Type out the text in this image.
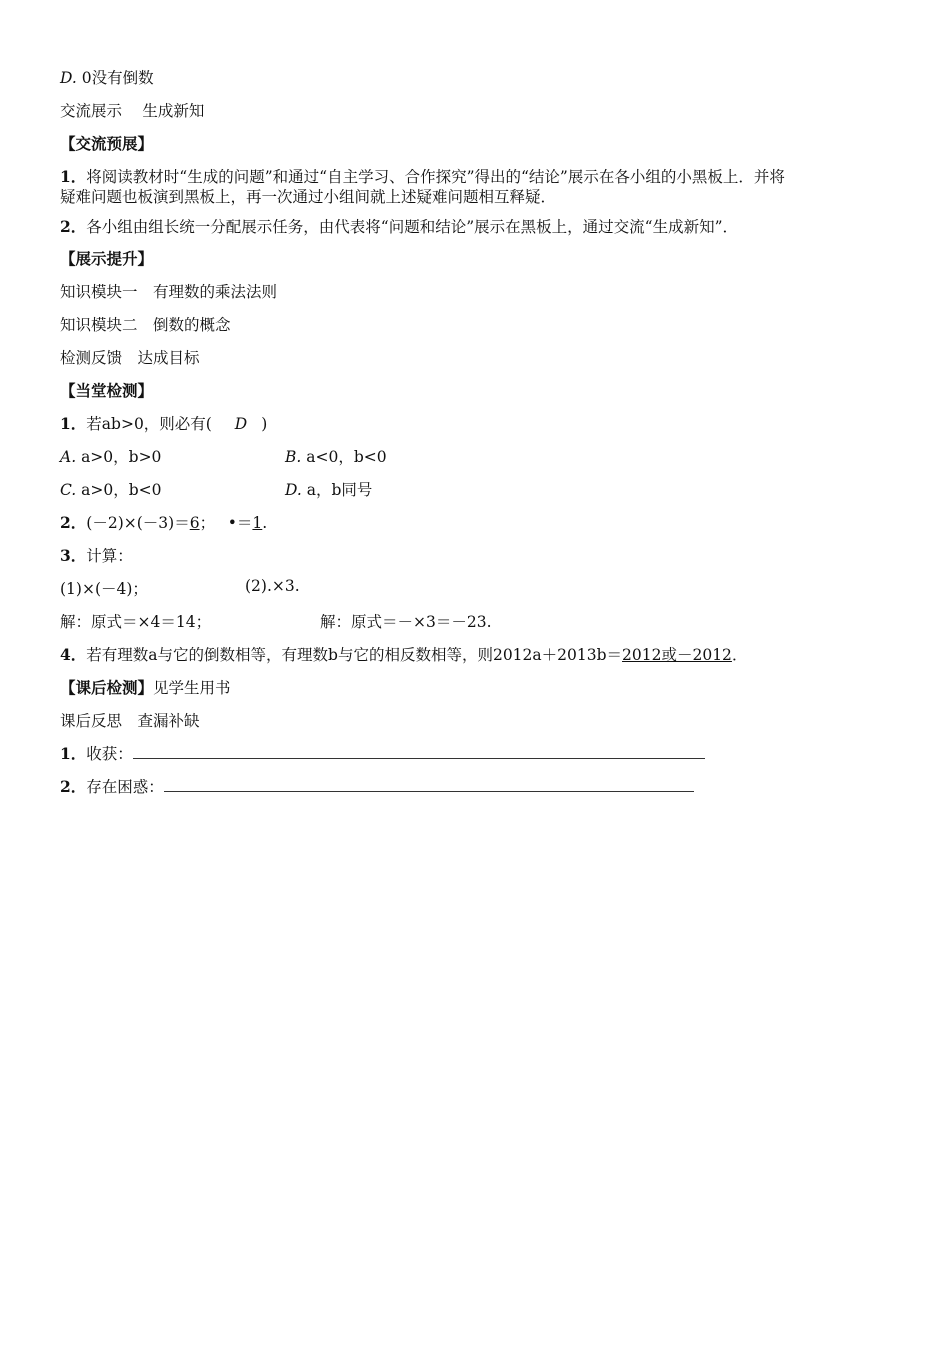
D. 0没有倒数
交流展示　 生成新知
【交流预展】
1．将阅读教材时“生成的问题”和通过“自主学习、合作探究”得出的“结论”展示在各小组的小黑板上．并将
疑难问题也板演到黑板上，再一次通过小组间就上述疑难问题相互释疑．
2．各小组由组长统一分配展示任务，由代表将“问题和结论”展示在黑板上，通过交流“生成新知”．
【展示提升】
知识模块一　有理数的乘法法则
知识模块二　倒数的概念
检测反馈　达成目标
【当堂检测】
1．若ab>0，则必有( D )
A. a>0，b>0	B. a<0，b<0
C. a>0，b<0	D. a，b同号
2．(－2)×(－3)＝6；　 •＝1.
3．计算：
(1)×(－4)；	(2).×3.
解：原式＝×4＝14；	解：原式＝－×3＝－23.
4．若有理数a与它的倒数相等，有理数b与它的相反数相等，则2012a＋2013b＝2012或－2012．
【课后检测】见学生用书
课后反思　查漏补缺
1．收获：
2．存在困惑：
